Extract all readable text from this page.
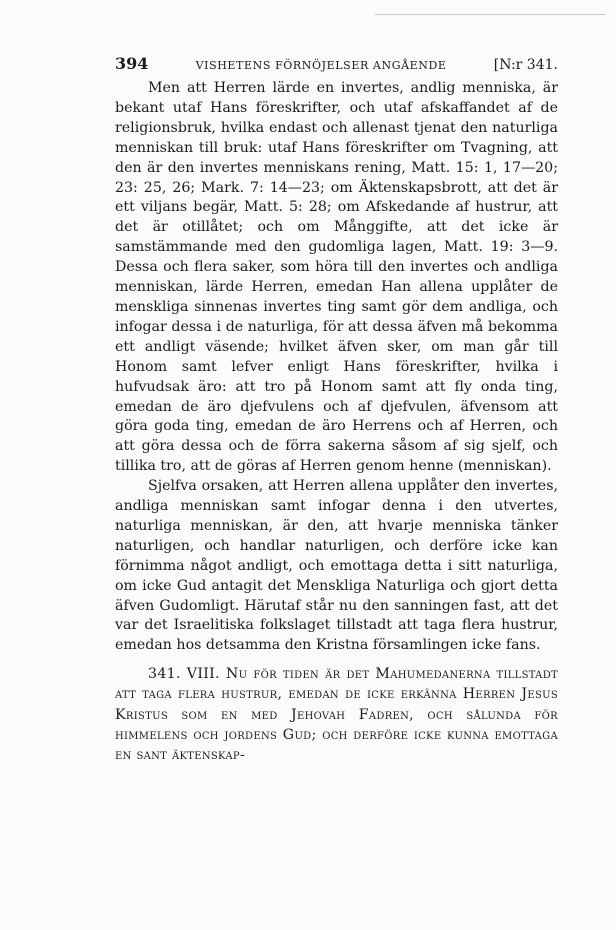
394	VISHETENS FÖRNÖJELSER ANGÅENDE	[N:r 341.

Men att Herren lärde en invertes, andlig menniska, är bekant utaf Hans föreskrifter, och utaf afskaffandet af de religionsbruk, hvilka endast och allenast tjenat den naturliga menniskan till bruk: utaf Hans föreskrifter om Tvagning, att den är den invertes menniskans rening, Matt. 15: 1, 17—20; 23: 25, 26; Mark. 7: 14—23; om Äktenskapsbrott, att det är ett viljans begär, Matt. 5: 28; om Afskedande af hustrur, att det är otillåtet; och om Månggifte, att det icke är samstämmande med den gudomliga lagen, Matt. 19: 3—9. Dessa och flera saker, som höra till den invertes och andliga menniskan, lärde Herren, emedan Han allena upplåter de menskliga sinnenas invertes ting samt gör dem andliga, och infogar dessa i de naturliga, för att dessa äfven må bekomma ett andligt väsende; hvilket äfven sker, om man går till Honom samt lefver enligt Hans föreskrifter, hvilka i hufvudsak äro: att tro på Honom samt att fly onda ting, emedan de äro djefvulens och af djefvulen, äfvensom att göra goda ting, emedan de äro Herrens och af Herren, och att göra dessa och de förra sakerna såsom af sig sjelf, och tillika tro, att de göras af Herren genom henne (menniskan).

Sjelfva orsaken, att Herren allena upplåter den invertes, andliga menniskan samt infogar denna i den utvertes, naturliga menniskan, är den, att hvarje menniska tänker naturligen, och handlar naturligen, och derföre icke kan förnimma något andligt, och emottaga detta i sitt naturliga, om icke Gud antagit det Menskliga Naturliga och gjort detta äfven Gudomligt. Härutaf står nu den sanningen fast, att det var det Israelitiska folkslaget tillstadt att taga flera hustrur, emedan hos detsamma den Kristna församlingen icke fans.

341. VIII. Nu för tiden är det Mahumedanerna tillstadt att taga flera hustrur, emedan de icke erkänna Herren Jesus Kristus som en med Jehovah Fadren, och sålunda för himmelens och jordens Gud; och derföre icke kunna emottaga en sant äktenskap-
